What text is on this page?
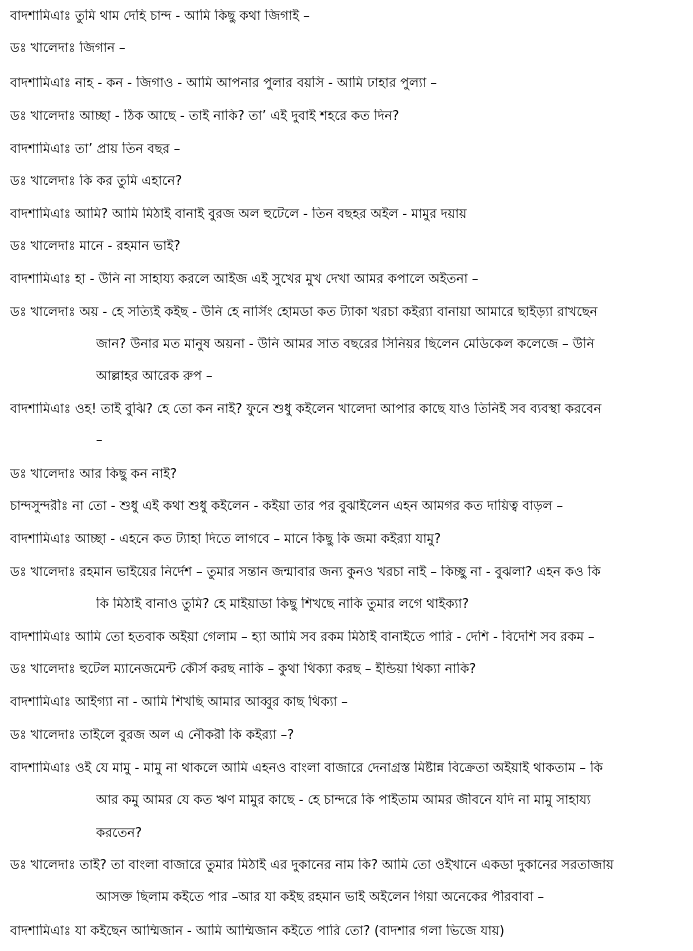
বাদশামিএাঃ তুমি থাম দেহি চান্দ - আমি কিছু কথা জিগাই –
ডঃ খালেদাঃ জিগান –
বাদশামিএাঃ নাহ - কন - জিগাও - আমি আপনার পুলার বয়সি - আমি ঢাহার পুল্যা –
ডঃ খালেদাঃ আচ্ছা - ঠিক আছে - তাই নাকি? তা’ এই দুবাই শহরে কত দিন?
বাদশামিএাঃ তা’ প্রায় তিন বছর –
ডঃ খালেদাঃ কি কর তুমি এহানে?
বাদশামিএাঃ আমি? আমি মিঠাই বানাই বুরজ অল হুটেলে - তিন বছহর অইল - মামুর দয়ায়
ডঃ খালেদাঃ মানে - রহমান ভাই?
বাদশামিএাঃ হা - উনি না সাহায্য করলে আইজ এই সুখের মুখ দেখা আমর কপালে অইতনা –
ডঃ খালেদাঃ অয় - হে সত্যিই কইছ - উনি হে নার্সিং হোমডা কত ট্যাকা খরচা কইর‍্যা বানায়া আমারে ছাইড়্যা রাখছেন
জান? উনার মত মানুষ অয়না - উনি আমর সাত বছরের সিনিয়র ছিলেন মেডিকেল কলেজে – উনি
আল্লাহর আরেক রুপ –
বাদশামিএাঃ ওহ! তাই বুঝি? হে তো কন নাই? ফুনে শুধু কইলেন খালেদা আপার কাছে যাও তিনিই সব ব্যবস্থা করবেন
–
ডঃ খালেদাঃ আর কিছু কন নাই?
চান্দসুন্দরীঃ না তো - শুধু এই কথা শুধু কইলেন - কইয়া তার পর বুঝাইলেন এহন আমগর কত দায়িত্ব বাড়ল –
বাদশামিএাঃ আচ্ছা - এহনে কত ট্যাহা দিতে লাগবে – মানে কিছু কি জমা কইর‍্যা যামু?
ডঃ খালেদাঃ রহমান ভাইয়ের নির্দেশ – তুমার সন্তান জন্মাবার জন্য কুনও খরচা নাই – কিচ্ছু না - বুঝলা? এহন কও কি
কি মিঠাই বানাও তুমি? হে মাইয়াডা কিছু শিখছে নাকি তুমার লগে থাইক্যা?
বাদশামিএাঃ আমি তো হতবাক অইয়া গেলাম – হ্যা আমি সব রকম মিঠাই বানাইতে পারি - দেশি - বিদেশি সব রকম –
ডঃ খালেদাঃ হুটেল ম্যানেজমেন্ট কৌর্স করছ নাকি – কুথা থিক্যা করছ – ইন্ডিয়া থিক্যা নাকি?
বাদশামিএাঃ আইগ্যা না - আমি শিখছি আমার আব্বুর কাছ থিক্যা –
ডঃ খালেদাঃ তাইলে বুরজ অল এ নৌকরী কি কইর‍্যা –?
বাদশামিএাঃ ওই যে মামু - মামু না থাকলে আমি এহনও বাংলা বাজারে দেনাগ্রস্ত মিষ্টান্ন বিক্রেতা অইয়াই থাকতাম – কি
আর কমু আমর যে কত ঋণ মামুর কাছে - হে চান্দরে কি পাইতাম আমর জীবনে যদি না মামু সাহায্য
করতেন?
ডঃ খালেদাঃ তাই? তা বাংলা বাজারে তুমার মিঠাই এর দুকানের নাম কি? আমি তো ওইখানে একডা দুকানের সরতাজায়
আসক্ত ছিলাম কইতে পার –আর যা কইছ রহমান ভাই অইলেন গিয়া অনেকের পীরবাবা –
বাদশামিএাঃ যা কইছেন আম্মিজান - আমি আম্মিজান কইতে পারি তো? (বাদশার গলা ভিজে যায়)
